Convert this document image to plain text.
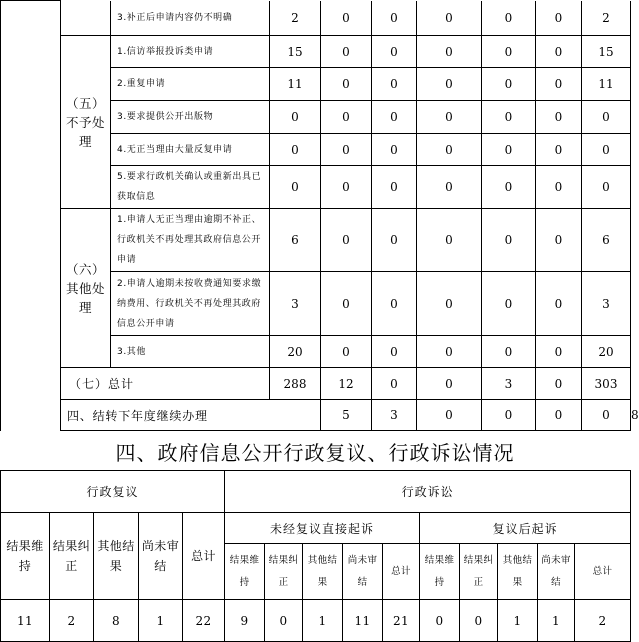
		3.补正后申请内容仍不明确	2	0	0	0	0	0	2	
	（五）不予处理	1.信访举报投诉类申请	15	0	0	0	0	0	15	
		2.重复申请	11	0	0	0	0	0	11	
		3.要求提供公开出版物	0	0	0	0	0	0	0	
		4.无正当理由大量反复申请	0	0	0	0	0	0	0	
		5.要求行政机关确认或重新出具已获取信息	0	0	0	0	0	0	0	
	（六）其他处理	1.申请人无正当理由逾期不补正、行政机关不再处理其政府信息公开申请	6	0	0	0	0	0	6	
		2.申请人逾期未按收费通知要求缴纳费用、行政机关不再处理其政府信息公开申请	3	0	0	0	0	0	3	
		3.其他	20	0	0	0	0	0	20	
	（七）总计		288	12	0	0	3	0	303	
	四、结转下年度继续办理			5	3	0	0	0	0	8
四、政府信息公开行政复议、行政诉讼情况
行政复议					行政诉讼									
结果维持	结果纠正	其他结果	尚未审结	总计	未经复议直接起诉					复议后起诉				
					结果维持	结果纠正	其他结果	尚未审结	总计	结果维持	结果纠正	其他结果	尚未审结	总计
11	2	8	1	22	9	0	1	11	21	0	0	1	1	2
